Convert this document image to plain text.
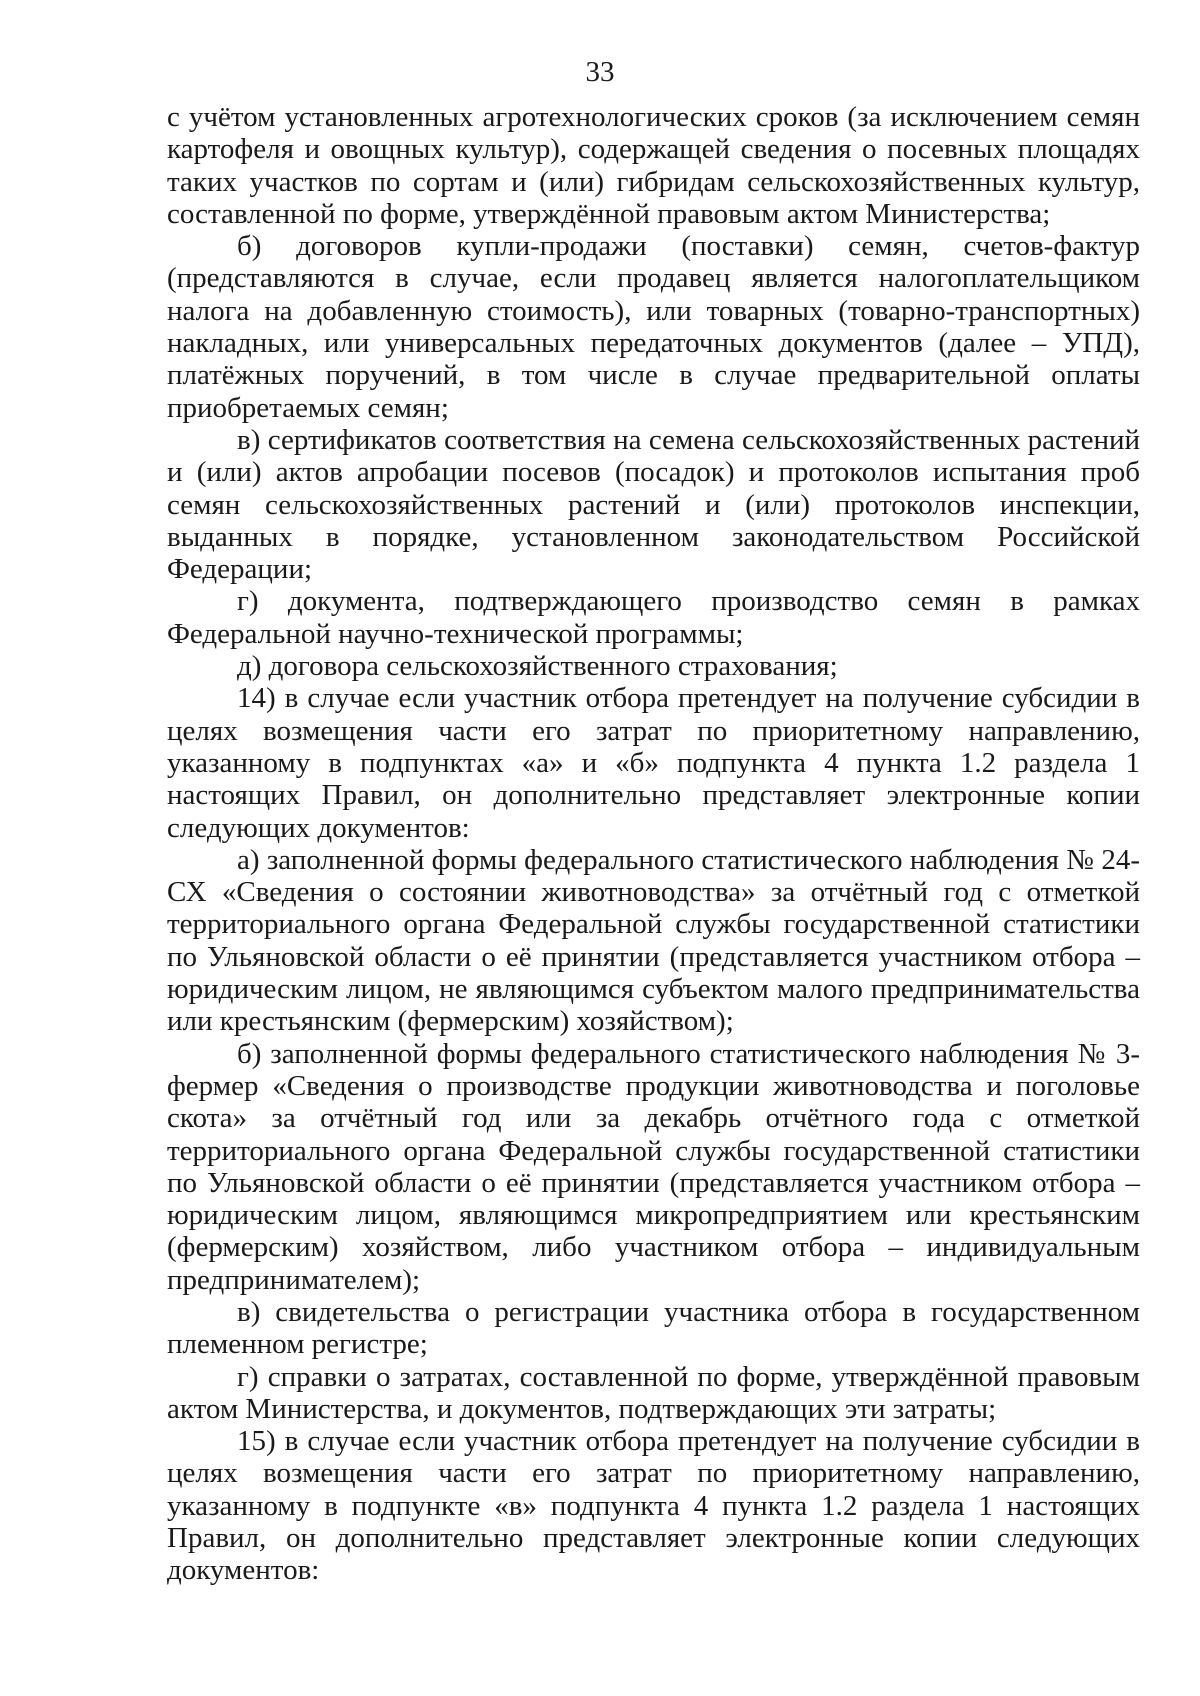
33

с учётом установленных агротехнологических сроков (за исключением семян картофеля и овощных культур), содержащей сведения о посевных площадях таких участков по сортам и (или) гибридам сельскохозяйственных культур, составленной по форме, утверждённой правовым актом Министерства;

б) договоров купли-продажи (поставки) семян, счетов-фактур (представляются в случае, если продавец является налогоплательщиком налога на добавленную стоимость), или товарных (товарно-транспортных) накладных, или универсальных передаточных документов (далее – УПД), платёжных поручений, в том числе в случае предварительной оплаты приобретаемых семян;

в) сертификатов соответствия на семена сельскохозяйственных растений и (или) актов апробации посевов (посадок) и протоколов испытания проб семян сельскохозяйственных растений и (или) протоколов инспекции, выданных в порядке, установленном законодательством Российской Федерации;

г) документа, подтверждающего производство семян в рамках Федеральной научно-технической программы;

д) договора сельскохозяйственного страхования;

14) в случае если участник отбора претендует на получение субсидии в целях возмещения части его затрат по приоритетному направлению, указанному в подпунктах «а» и «б» подпункта 4 пункта 1.2 раздела 1 настоящих Правил, он дополнительно представляет электронные копии следующих документов:

а) заполненной формы федерального статистического наблюдения № 24-СХ «Сведения о состоянии животноводства» за отчётный год с отметкой территориального органа Федеральной службы государственной статистики по Ульяновской области о её принятии (представляется участником отбора – юридическим лицом, не являющимся субъектом малого предпринимательства или крестьянским (фермерским) хозяйством);

б) заполненной формы федерального статистического наблюдения № 3-фермер «Сведения о производстве продукции животноводства и поголовье скота» за отчётный год или за декабрь отчётного года с отметкой территориального органа Федеральной службы государственной статистики по Ульяновской области о её принятии (представляется участником отбора – юридическим лицом, являющимся микропредприятием или крестьянским (фермерским) хозяйством, либо участником отбора – индивидуальным предпринимателем);

в) свидетельства о регистрации участника отбора в государственном племенном регистре;

г) справки о затратах, составленной по форме, утверждённой правовым актом Министерства, и документов, подтверждающих эти затраты;

15) в случае если участник отбора претендует на получение субсидии в целях возмещения части его затрат по приоритетному направлению, указанному в подпункте «в» подпункта 4 пункта 1.2 раздела 1 настоящих Правил, он дополнительно представляет электронные копии следующих документов:
